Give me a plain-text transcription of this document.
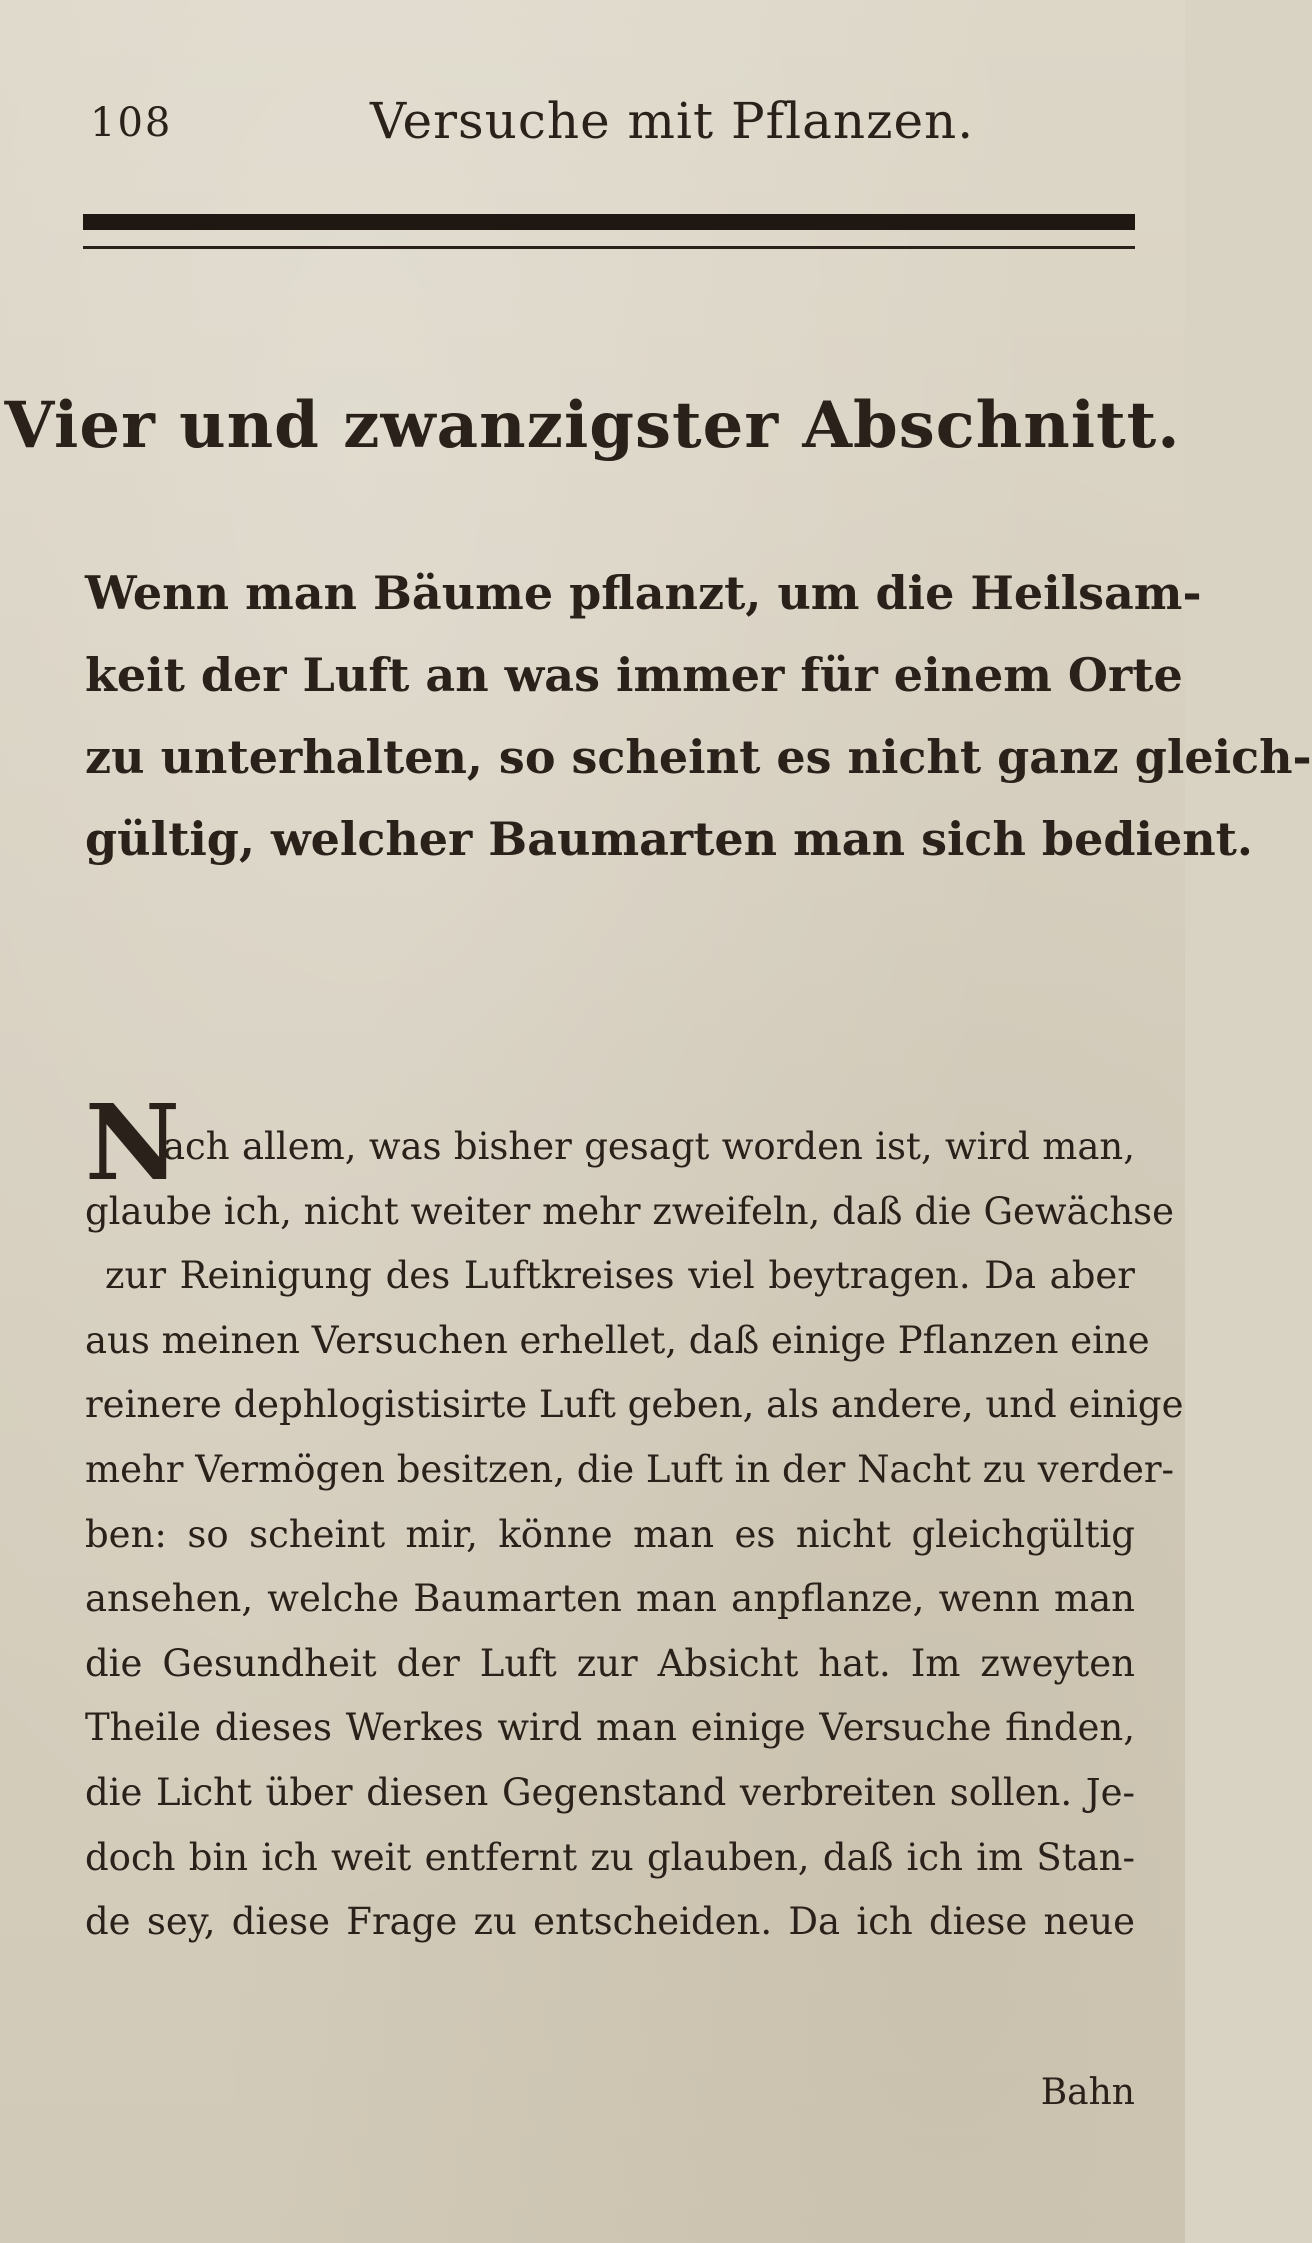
108	Versuche mit Pflanzen.
Vier und zwanzigster Abschnitt.
Wenn man Bäume pflanzt, um die Heilsam-
keit der Luft an was immer für einem Orte
zu unterhalten, so scheint es nicht ganz gleich-
gültig, welcher Baumarten man sich bedient.
N
ach allem, was bisher gesagt worden ist, wird man,
glaube ich, nicht weiter mehr zweifeln, daß die Gewächse
zur Reinigung des Luftkreises viel beytragen. Da aber
aus meinen Versuchen erhellet, daß einige Pflanzen eine
reinere dephlogistisirte Luft geben, als andere, und einige
mehr Vermögen besitzen, die Luft in der Nacht zu verder-
ben: so scheint mir, könne man es nicht gleichgültig
ansehen, welche Baumarten man anpflanze, wenn man
die Gesundheit der Luft zur Absicht hat. Im zweyten
Theile dieses Werkes wird man einige Versuche finden,
die Licht über diesen Gegenstand verbreiten sollen. Je-
doch bin ich weit entfernt zu glauben, daß ich im Stan-
de sey, diese Frage zu entscheiden. Da ich diese neue
Bahn
